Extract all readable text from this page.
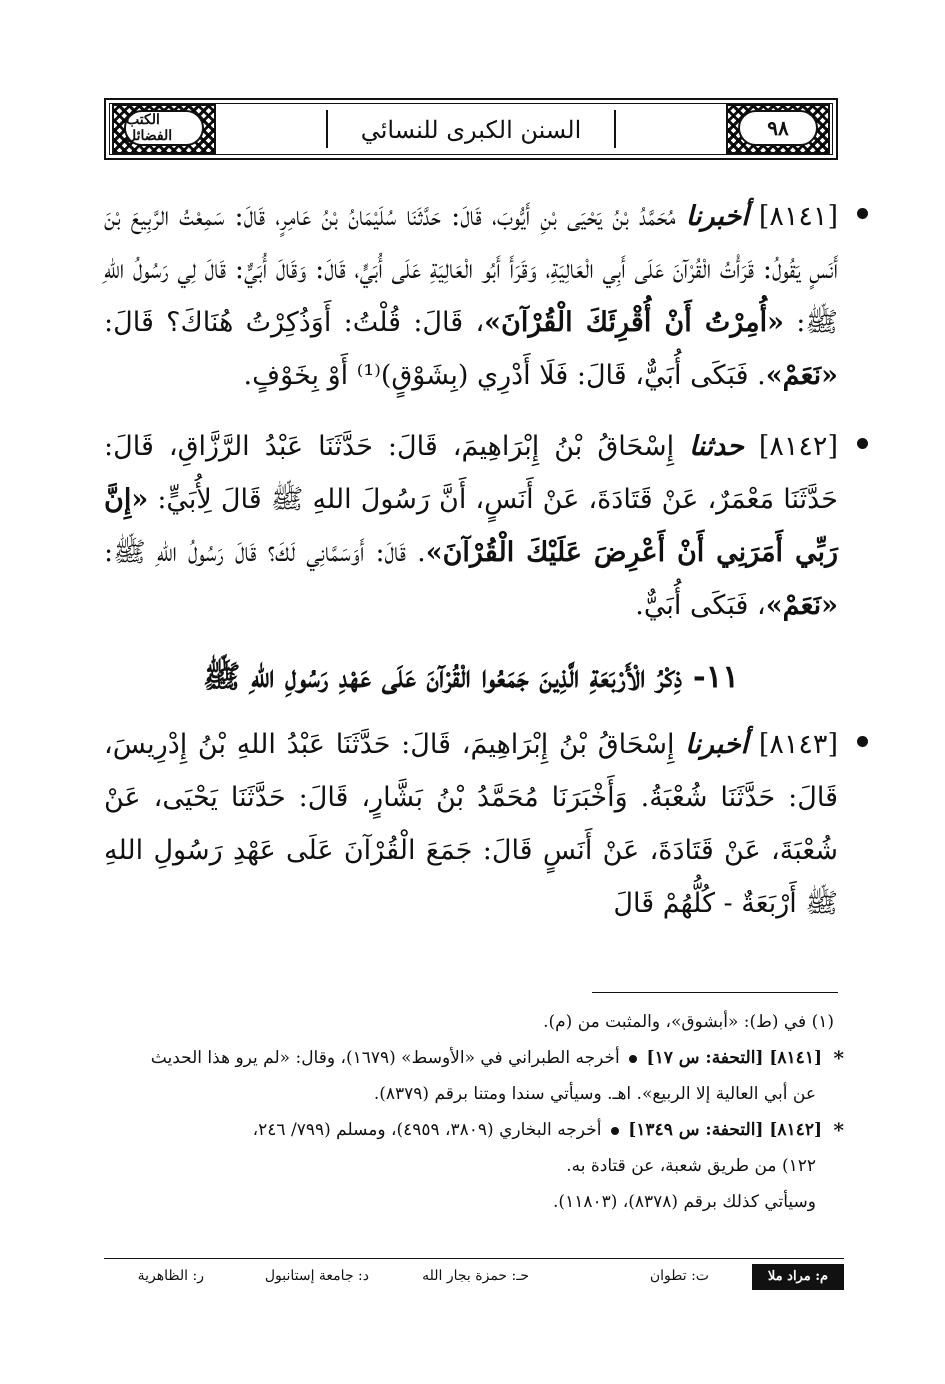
الكتب الفضائل	٩٨
السنن الكبرى للنسائي
[٨١٤١] أخبرنا مُحَمَّدُ بْنُ يَحْيَى بْنِ أَيُّوبَ، قَالَ: حَدَّثَنَا سُلَيْمَانُ بْنُ عَامِرٍ، قَالَ: سَمِعْتُ الرَّبِيعَ بْنَ أَنَسٍ يَقُولُ: قَرَأْتُ الْقُرْآنَ عَلَى أَبِي الْعَالِيَةِ، وَقَرَأَ أَبُو الْعَالِيَةِ عَلَى أُبَيٍّ، قَالَ: وَقَالَ أُبَيٌّ: قَالَ لِي رَسُولُ اللهِ ﷺ: «أُمِرْتُ أَنْ أُقْرِئَكَ الْقُرْآنَ»، قَالَ: قُلْتُ: أَوَذُكِرْتُ هُنَاكَ؟ قَالَ: «نَعَمْ». فَبَكَى أُبَيٌّ، قَالَ: فَلَا أَدْرِي (بِشَوْقٍ)⁽¹⁾ أَوْ بِخَوْفٍ.
[٨١٤٢] حدثنا إِسْحَاقُ بْنُ إِبْرَاهِيمَ، قَالَ: حَدَّثَنَا عَبْدُ الرَّزَّاقِ، قَالَ: حَدَّثَنَا مَعْمَرٌ، عَنْ قَتَادَةَ، عَنْ أَنَسٍ، أَنَّ رَسُولَ اللهِ ﷺ قَالَ لِأُبَيٍّ: «إِنَّ رَبِّي أَمَرَنِي أَنْ أَعْرِضَ عَلَيْكَ الْقُرْآنَ». قَالَ: أَوَسَمَّانِي لَكَ؟ قَالَ رَسُولُ اللهِ ﷺ: «نَعَمْ»، فَبَكَى أُبَيٌّ.
١١- ذِكْرُ الْأَرْبَعَةِ الَّذِينَ جَمَعُوا الْقُرْآنَ عَلَى عَهْدِ رَسُولِ اللهِ ﷺ
[٨١٤٣] أخبرنا إِسْحَاقُ بْنُ إِبْرَاهِيمَ، قَالَ: حَدَّثَنَا عَبْدُ اللهِ بْنُ إِدْرِيسَ، قَالَ: حَدَّثَنَا شُعْبَةُ. وَأَخْبَرَنَا مُحَمَّدُ بْنُ بَشَّارٍ، قَالَ: حَدَّثَنَا يَحْيَى، عَنْ شُعْبَةَ، عَنْ قَتَادَةَ، عَنْ أَنَسٍ قَالَ: جَمَعَ الْقُرْآنَ عَلَى عَهْدِ رَسُولِ اللهِ ﷺ أَرْبَعَةٌ - كُلُّهُمْ قَالَ
(١) في (ط): «أبشوق»، والمثبت من (م).
*
[٨١٤١] [التحفة: س ١٧]  أخرجه الطبراني في «الأوسط» (١٦٧٩)، وقال: «لم يرو هذا الحديث
عن أبي العالية إلا الربيع». اهـ. وسيأتي سندا ومتنا برقم (٨٣٧٩).
*
[٨١٤٢] [التحفة: س ١٣٤٩]  أخرجه البخاري (٣٨٠٩، ٤٩٥٩)، ومسلم (٧٩٩/ ٢٤٦،
١٢٢) من طريق شعبة، عن قتادة به.
وسيأتي كذلك برقم (٨٣٧٨)، (١١٨٠٣).
م: مراد ملا
ت: تطوان
حـ: حمزة بجار الله
د: جامعة إستانبول
ر: الظاهرية
